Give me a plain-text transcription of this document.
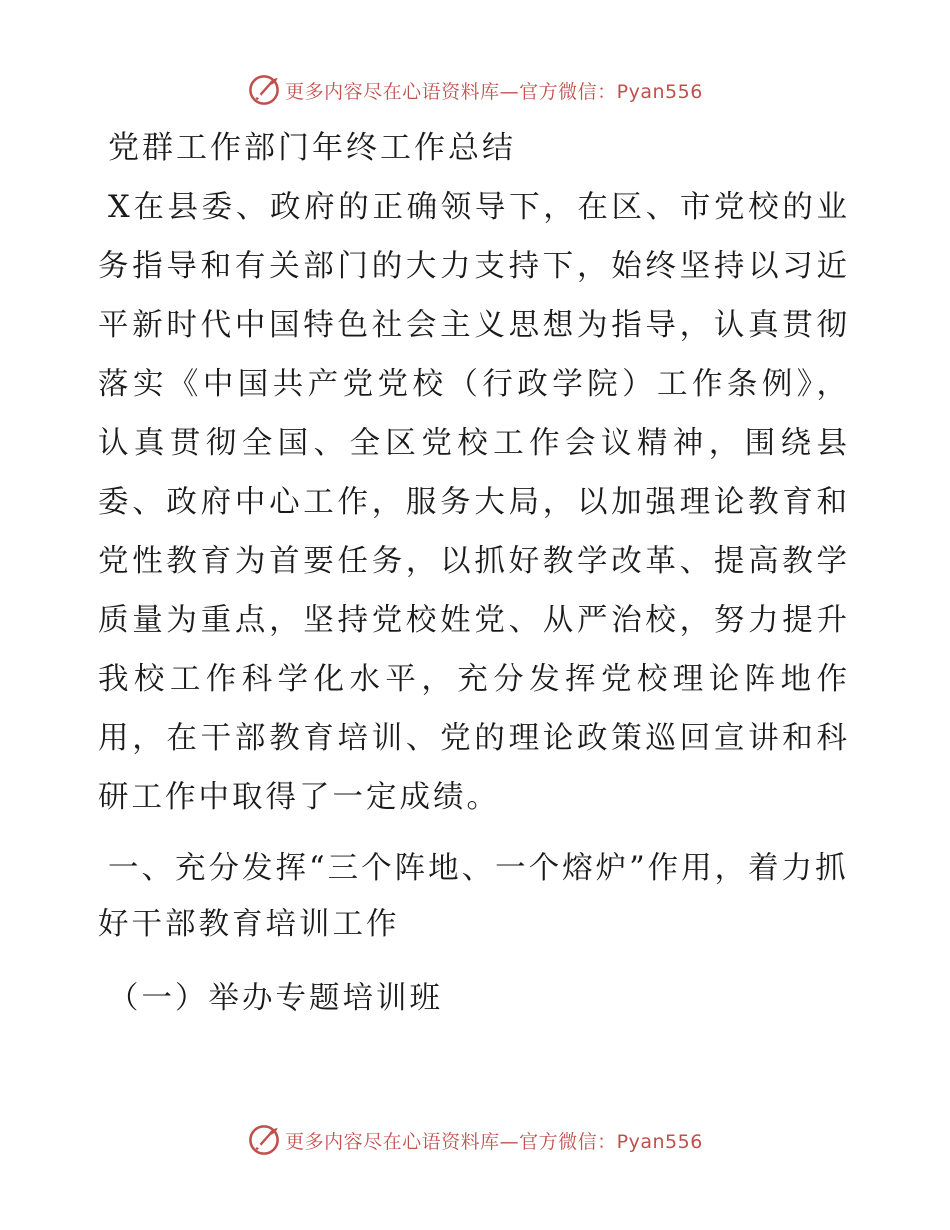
更多内容尽在心语资料库—官方微信：Pyan556
党群工作部门年终工作总结

X在县委、政府的正确领导下，在区、市党校的业务指导和有关部门的大力支持下，始终坚持以习近平新时代中国特色社会主义思想为指导，认真贯彻落实《中国共产党党校（行政学院）工作条例》，认真贯彻全国、全区党校工作会议精神，围绕县委、政府中心工作，服务大局，以加强理论教育和党性教育为首要任务，以抓好教学改革、提高教学质量为重点，坚持党校姓党、从严治校，努力提升我校工作科学化水平，充分发挥党校理论阵地作用，在干部教育培训、党的理论政策巡回宣讲和科研工作中取得了一定成绩。

一、充分发挥“三个阵地、一个熔炉”作用，着力抓好干部教育培训工作
（一）举办专题培训班
更多内容尽在心语资料库—官方微信：Pyan556
